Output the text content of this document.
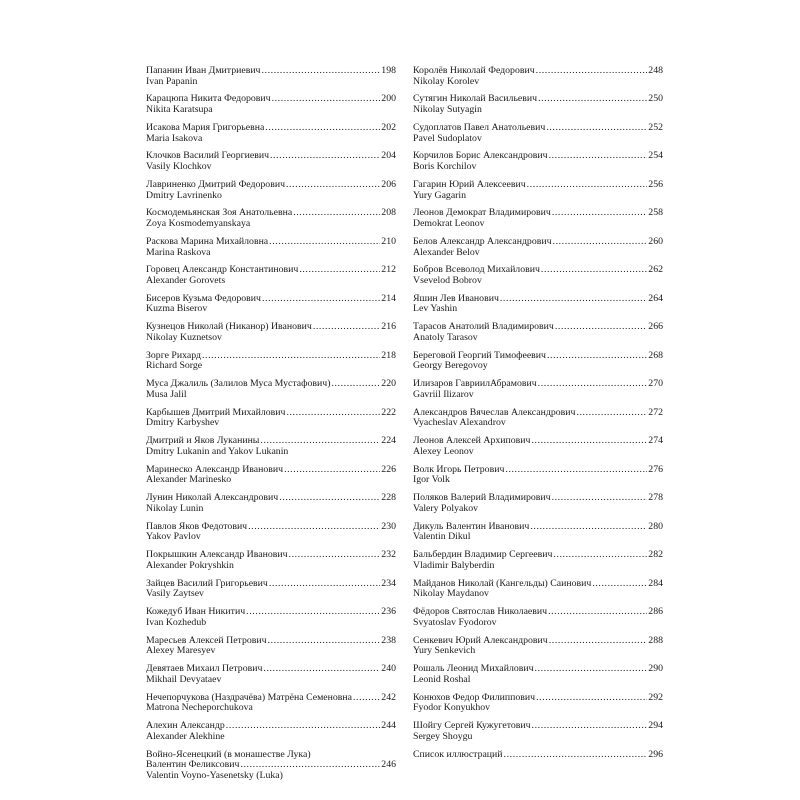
Папанин Иван Дмитриевич .....	198
Ivan Papanin
Карацюпа Никита Федорович .....	200
Nikita Karatsupa
Исакова Мария Григорьевна .....	202
Maria Isakova
Клочков Василий Георгиевич .....	204
Vasily Klochkov
Лавриненко Дмитрий Федорович .....	206
Dmitry Lavrinenko
Космодемьянская Зоя Анатольевна .....	208
Zoya Kosmodemyanskaya
Раскова Марина Михайловна .....	210
Marina Raskova
Горовец Александр Константинович .....	212
Alexander Gorovets
Бисеров Кузьма Федорович .....	214
Kuzma Biserov
Кузнецов Николай (Никанор) Иванович .....	216
Nikolay Kuznetsov
Зорге Рихард .....	218
Richard Sorge
Муса Джалиль (Залилов Муса Мустафович) .....	220
Musa Jalil
Карбышев Дмитрий Михайлович .....	222
Dmitry Karbyshev
Дмитрий и Яков Луканины .....	224
Dmitry Lukanin and Yakov Lukanin
Маринеско Александр Иванович .....	226
Alexander Marinesko
Лунин Николай Александрович .....	228
Nikolay Lunin
Павлов Яков Федотович .....	230
Yakov Pavlov
Покрышкин Александр Иванович .....	232
Alexander Pokryshkin
Зайцев Василий Григорьевич .....	234
Vasily Zaytsev
Кожедуб Иван Никитич .....	236
Ivan Kozhedub
Маресьев Алексей Петрович .....	238
Alexey Maresyev
Девятаев Михаил Петрович .....	240
Mikhail Devyataev
Нечепорчукова (Наздрачёва) Матрёна Семеновна .....	242
Matrona Necheporchukova
Алехин Александр .....	244
Alexander Alekhine
Войно-Ясенецкий (в монашестве Лука)
Валентин Феликсович .....	246
Valentin Voyno-Yasenetsky (Luka)
Королёв Николай Федорович .....	248
Nikolay Korolev
Сутягин Николай Васильевич .....	250
Nikolay Sutyagin
Судоплатов Павел Анатольевич .....	252
Pavel Sudoplatov
Корчилов Борис Александрович .....	254
Boris Korchilov
Гагарин Юрий Алексеевич .....	256
Yury Gagarin
Леонов Демократ Владимирович .....	258
Demokrat Leonov
Белов Александр Александрович .....	260
Alexander Belov
Бобров Всеволод Михайлович .....	262
Vsevelod Bobrov
Яшин Лев Иванович .....	264
Lev Yashin
Тарасов Анатолий Владимирович .....	266
Anatoly Tarasov
Береговой Георгий Тимофеевич .....	268
Georgy Beregovoy
Илизаров ГавриилАбрамович .....	270
Gavriil Ilizarov
Александров Вячеслав Александрович .....	272
Vyacheslav Alexandrov
Леонов Алексей Архипович .....	274
Alexey Leonov
Волк Игорь Петрович .....	276
Igor Volk
Поляков Валерий Владимирович .....	278
Valery Polyakov
Дикуль Валентин Иванович .....	280
Valentin Dikul
Бальбердин Владимир Сергеевич .....	282
Vladimir Balyberdin
Майданов Николай (Кангельды) Саинович .....	284
Nikolay Maydanov
Фёдоров Святослав Николаевич .....	286
Svyatoslav Fyodorov
Сенкевич Юрий Александрович .....	288
Yury Senkevich
Рошаль Леонид Михайлович .....	290
Leonid Roshal
Конюхов Федор Филиппович .....	292
Fyodor Konyukhov
Шойгу Сергей Кужугетович .....	294
Sergey Shoygu
Список иллюстраций .....	296
